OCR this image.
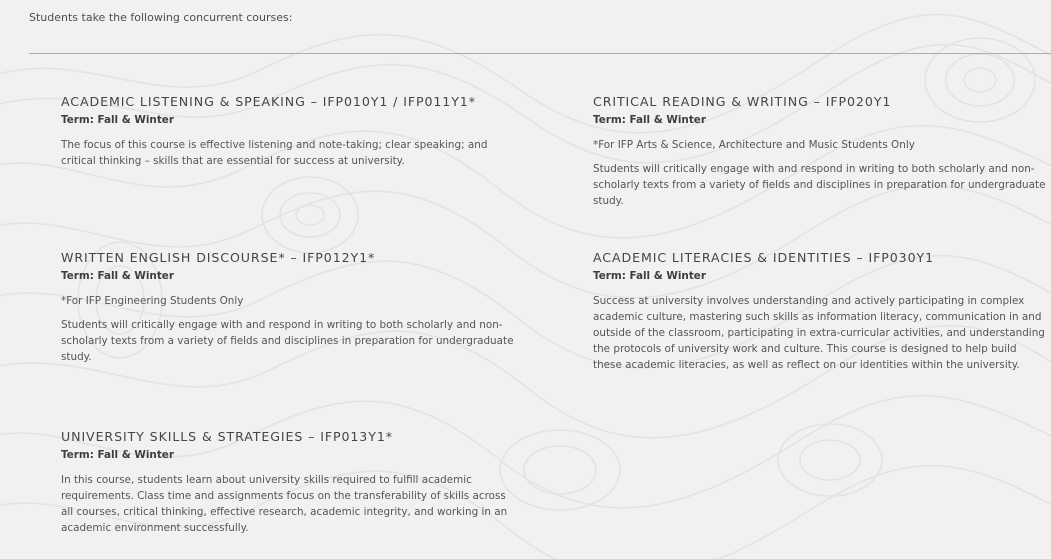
Students take the following concurrent courses:
ACADEMIC LISTENING & SPEAKING – IFP010Y1 / IFP011Y1*
Term: Fall & Winter

The focus of this course is effective listening and note-taking; clear speaking; and critical thinking – skills that are essential for success at university.

CRITICAL READING & WRITING – IFP020Y1
Term: Fall & Winter

*For IFP Arts & Science, Architecture and Music Students Only

Students will critically engage with and respond in writing to both scholarly and non-scholarly texts from a variety of fields and disciplines in preparation for undergraduate study.

WRITTEN ENGLISH DISCOURSE* – IFP012Y1*
Term: Fall & Winter

*For IFP Engineering Students Only

Students will critically engage with and respond in writing to both scholarly and non-scholarly texts from a variety of fields and disciplines in preparation for undergraduate study.

ACADEMIC LITERACIES & IDENTITIES – IFP030Y1
Term: Fall & Winter

Success at university involves understanding and actively participating in complex academic culture, mastering such skills as information literacy, communication in and outside of the classroom, participating in extra-curricular activities, and understanding the protocols of university work and culture. This course is designed to help build these academic literacies, as well as reflect on our identities within the university.

UNIVERSITY SKILLS & STRATEGIES – IFP013Y1*
Term: Fall & Winter

In this course, students learn about university skills required to fulfill academic requirements. Class time and assignments focus on the transferability of skills across all courses, critical thinking, effective research, academic integrity, and working in an academic environment successfully.
